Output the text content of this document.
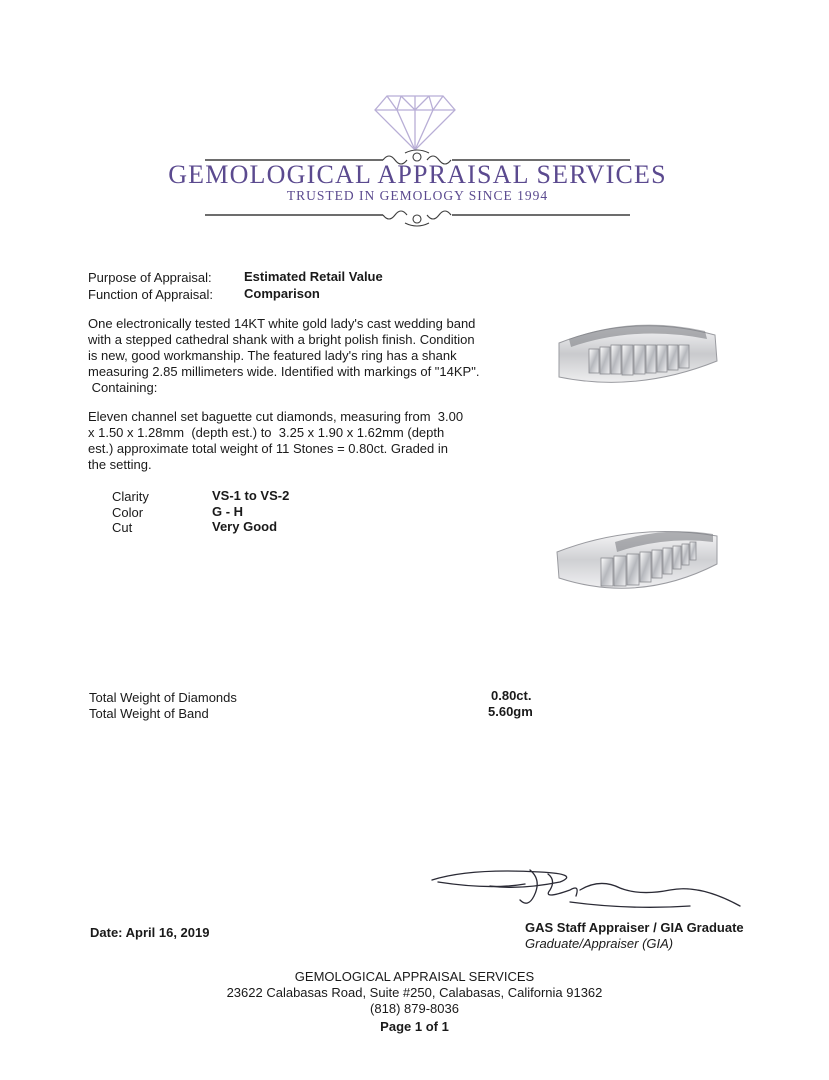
GEMOLOGICAL APPRAISAL SERVICES
TRUSTED IN GEMOLOGY SINCE 1994
Purpose of Appraisal: Estimated Retail Value
Function of Appraisal: Comparison
One electronically tested 14KT white gold lady's cast wedding band
with a stepped cathedral shank with a bright polish finish. Condition
is new, good workmanship. The featured lady's ring has a shank
measuring 2.85 millimeters wide. Identified with markings of "14KP".
Containing:
Eleven channel set baguette cut diamonds, measuring from  3.00
x 1.50 x 1.28mm  (depth est.) to  3.25 x 1.90 x 1.62mm (depth
est.) approximate total weight of 11 Stones = 0.80ct. Graded in
the setting.
Clarity	VS-1 to VS-2
Color	G - H
Cut	Very Good
Total Weight of Diamonds	0.80ct.
Total Weight of Band	5.60gm
Date: April 16, 2019	GAS Staff Appraiser / GIA Graduate
Graduate/Appraiser (GIA)
GEMOLOGICAL APPRAISAL SERVICES
23622 Calabasas Road, Suite #250, Calabasas, California 91362
(818) 879-8036
Page 1 of 1
